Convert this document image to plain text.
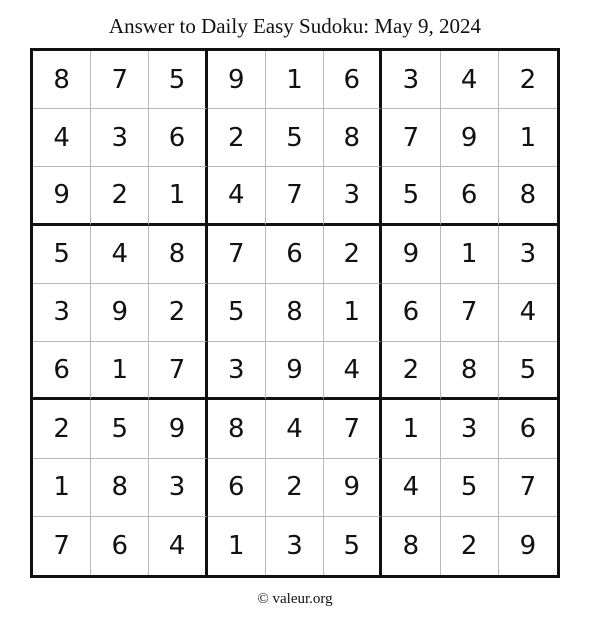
Answer to Daily Easy Sudoku: May 9, 2024
8	7	5	9	1	6	3	4	2
4	3	6	2	5	8	7	9	1
9	2	1	4	7	3	5	6	8
5	4	8	7	6	2	9	1	3
3	9	2	5	8	1	6	7	4
6	1	7	3	9	4	2	8	5
2	5	9	8	4	7	1	3	6
1	8	3	6	2	9	4	5	7
7	6	4	1	3	5	8	2	9
© valeur.org
